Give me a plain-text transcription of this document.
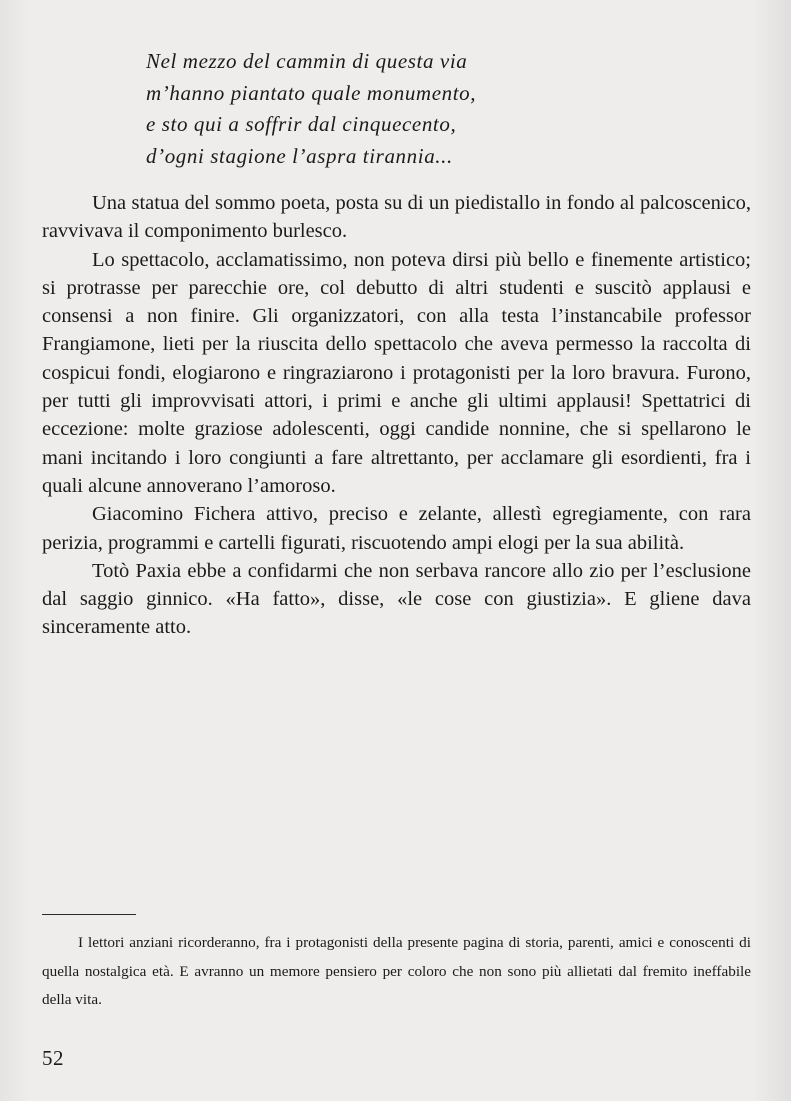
Nel mezzo del cammin di questa via
m’hanno piantato quale monumento,
e sto qui a soffrir dal cinquecento,
d’ogni stagione l’aspra tirannia...

Una statua del sommo poeta, posta su di un piedistallo in fondo al palcoscenico, ravvivava il componimento burlesco.

Lo spettacolo, acclamatissimo, non poteva dirsi più bello e finemente artistico; si protrasse per parecchie ore, col debutto di altri studenti e suscitò applausi e consensi a non finire. Gli organizzatori, con alla testa l’instancabile professor Frangiamone, lieti per la riuscita dello spettacolo che aveva permesso la raccolta di cospicui fondi, elogiarono e ringraziarono i protagonisti per la loro bravura. Furono, per tutti gli improvvisati attori, i primi e anche gli ultimi applausi! Spettatrici di eccezione: molte graziose adolescenti, oggi candide nonnine, che si spellarono le mani incitando i loro congiunti a fare altrettanto, per acclamare gli esordienti, fra i quali alcune annoverano l’amoroso.

Giacomino Fichera attivo, preciso e zelante, allestì egregiamente, con rara perizia, programmi e cartelli figurati, riscuotendo ampi elogi per la sua abilità.

Totò Paxia ebbe a confidarmi che non serbava rancore allo zio per l’esclusione dal saggio ginnico. «Ha fatto», disse, «le cose con giustizia». E gliene dava sinceramente atto.

I lettori anziani ricorderanno, fra i protagonisti della presente pagina di storia, parenti, amici e conoscenti di quella nostalgica età. E avranno un memore pensiero per coloro che non sono più allietati dal fremito ineffabile della vita.

52
